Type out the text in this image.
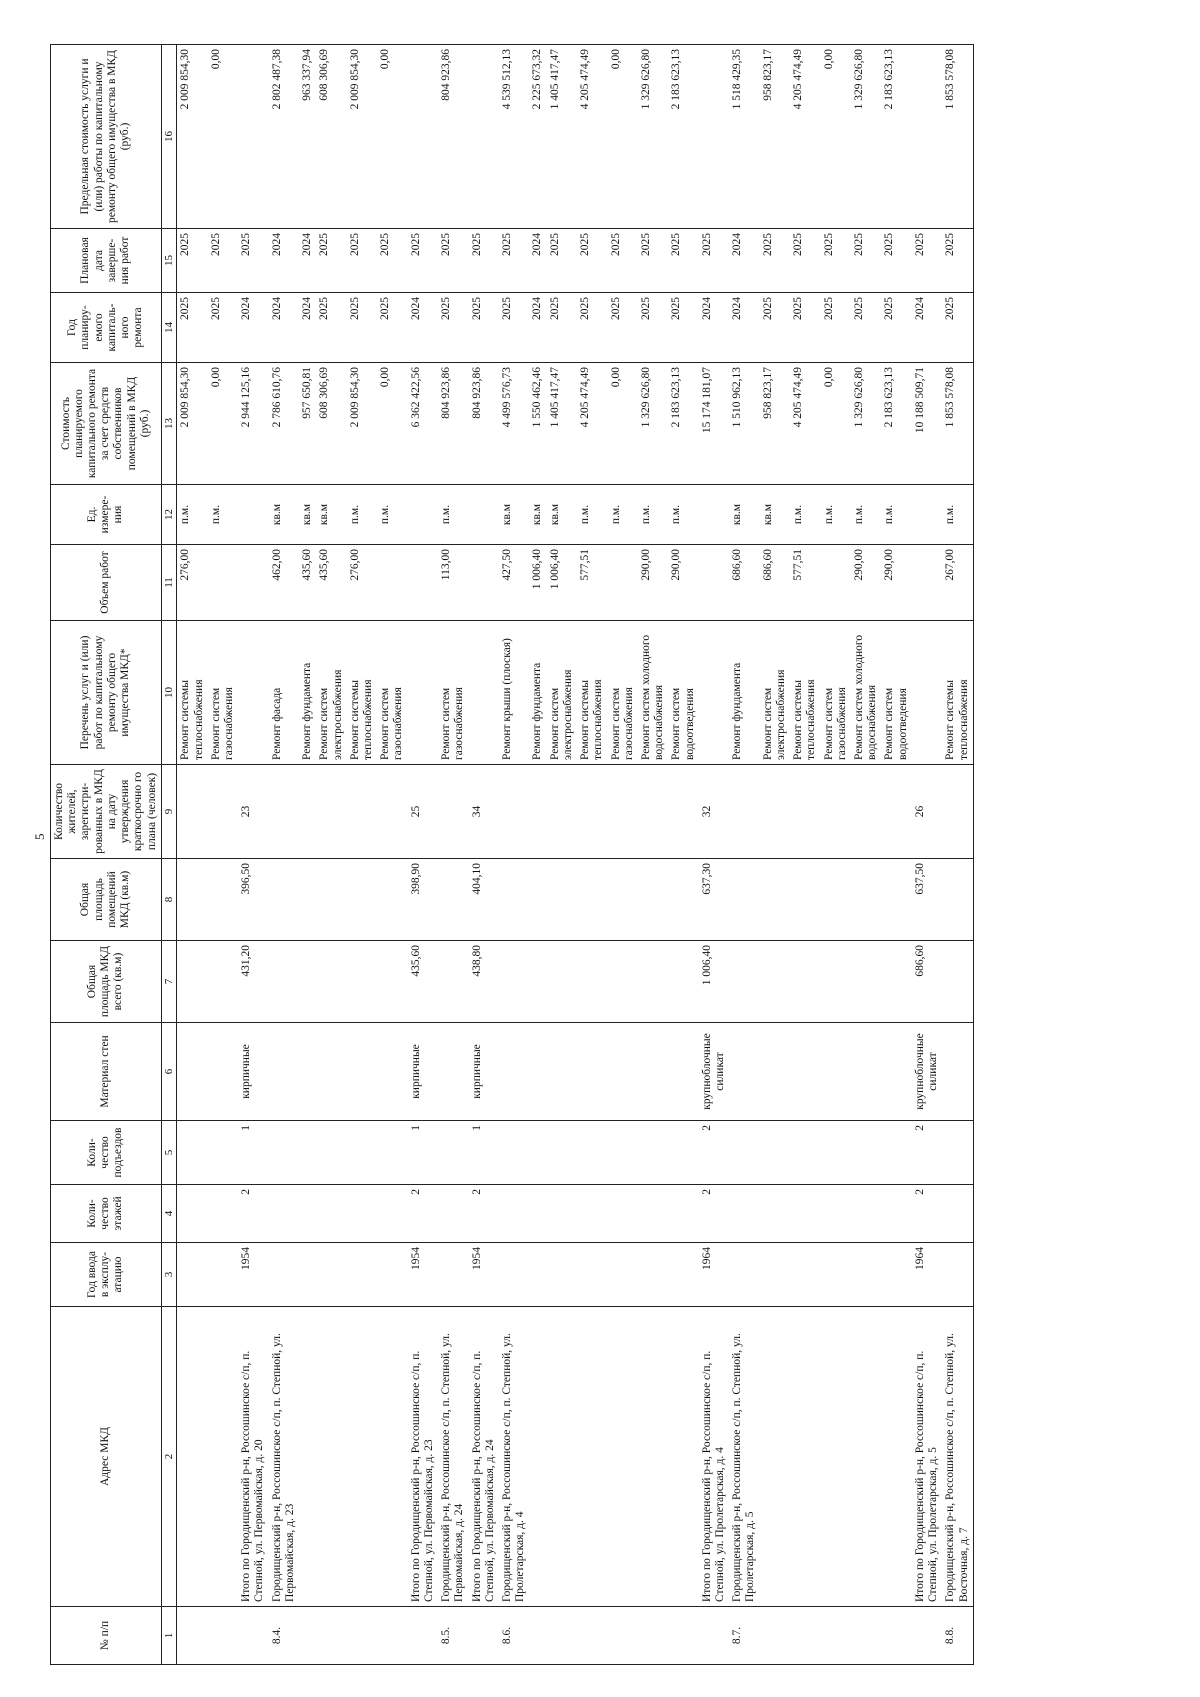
5
№ п/п	Адрес МКД	Год ввода в эксплу- атацию	Коли- чество этажей	Коли- чество подъездов	Материал стен	Общая площадь МКД всего (кв.м)	Общая площадь помещений МКД (кв.м)	Количество жителей, зарегистри- рованных в МКД на дату утверждения краткосрочно го плана (человек)	Перечень услуг и (или) работ по капитальному ремонту общего имущества МКД*	Объем работ	Ед. измере- ния	Стоимость планируемого капитального ремонта за счет средств собственников помещений в МКД (руб.)	Год планиру- емого капиталь- ного ремонта	Плановая дата заверше- ния работ	Предельная стоимость услуги и (или) работы по капитальному ремонту общего имущества в МКД (руб.)
1	2	3	4	5	6	7	8	9	10	11	12	13	14	15	16
									Ремонт системы теплоснабжения	276,00	п.м.	2 009 854,30	2025	2025	2 009 854,30
									Ремонт систем газоснабжения		п.м.	0,00	2025	2025	0,00
	Итого по Городищенский р-н, Россошинское с/п, п. Степной, ул. Первомайская, д. 20	1954	2	1	кирпичные	431,20	396,50	23				2 944 125,16	2024	2025	
8.4.	Городищенский р-н, Россошинское с/п, п. Степной, ул. Первомайская, д. 23								Ремонт фасада	462,00	кв.м	2 786 610,76	2024	2024	2 802 487,38
									Ремонт фундамента	435,60	кв.м	957 650,81	2024	2024	963 337,94
									Ремонт систем электроснабжения	435,60	кв.м	608 306,69	2025	2025	608 306,69
									Ремонт системы теплоснабжения	276,00	п.м.	2 009 854,30	2025	2025	2 009 854,30
									Ремонт систем газоснабжения		п.м.	0,00	2025	2025	0,00
	Итого по Городищенский р-н, Россошинское с/п, п. Степной, ул. Первомайская, д. 23	1954	2	1	кирпичные	435,60	398,90	25				6 362 422,56	2024	2025	
8.5.	Городищенский р-н, Россошинское с/п, п. Степной, ул. Первомайская, д. 24								Ремонт систем газоснабжения	113,00	п.м.	804 923,86	2025	2025	804 923,86
	Итого по Городищенский р-н, Россошинское с/п, п. Степной, ул. Первомайская, д. 24	1954	2	1	кирпичные	438,80	404,10	34				804 923,86	2025	2025	
8.6.	Городищенский р-н, Россошинское с/п, п. Степной, ул. Пролетарская, д. 4								Ремонт крыши (плоская)	427,50	кв.м	4 499 576,73	2025	2025	4 539 512,13
									Ремонт фундамента	1 006,40	кв.м	1 550 462,46	2024	2024	2 225 673,32
									Ремонт систем электроснабжения	1 006,40	кв.м	1 405 417,47	2025	2025	1 405 417,47
									Ремонт системы теплоснабжения	577,51	п.м.	4 205 474,49	2025	2025	4 205 474,49
									Ремонт систем газоснабжения		п.м.	0,00	2025	2025	0,00
									Ремонт систем холодного водоснабжения	290,00	п.м.	1 329 626,80	2025	2025	1 329 626,80
									Ремонт систем водоотведения	290,00	п.м.	2 183 623,13	2025	2025	2 183 623,13
	Итого по Городищенский р-н, Россошинское с/п, п. Степной, ул. Пролетарская, д. 4	1964	2	2	крупноблочные силикат	1 006,40	637,30	32				15 174 181,07	2024	2025	
8.7.	Городищенский р-н, Россошинское с/п, п. Степной, ул. Пролетарская, д. 5								Ремонт фундамента	686,60	кв.м	1 510 962,13	2024	2024	1 518 429,35
									Ремонт систем электроснабжения	686,60	кв.м	958 823,17	2025	2025	958 823,17
									Ремонт системы теплоснабжения	577,51	п.м.	4 205 474,49	2025	2025	4 205 474,49
									Ремонт систем газоснабжения		п.м.	0,00	2025	2025	0,00
									Ремонт систем холодного водоснабжения	290,00	п.м.	1 329 626,80	2025	2025	1 329 626,80
									Ремонт систем водоотведения	290,00	п.м.	2 183 623,13	2025	2025	2 183 623,13
	Итого по Городищенский р-н, Россошинское с/п, п. Степной, ул. Пролетарская, д. 5	1964	2	2	крупноблочные силикат	686,60	637,50	26				10 188 509,71	2024	2025	
8.8.	Городищенский р-н, Россошинское с/п, п. Степной, ул. Восточная, д. 7								Ремонт системы теплоснабжения	267,00	п.м.	1 853 578,08	2025	2025	1 853 578,08
